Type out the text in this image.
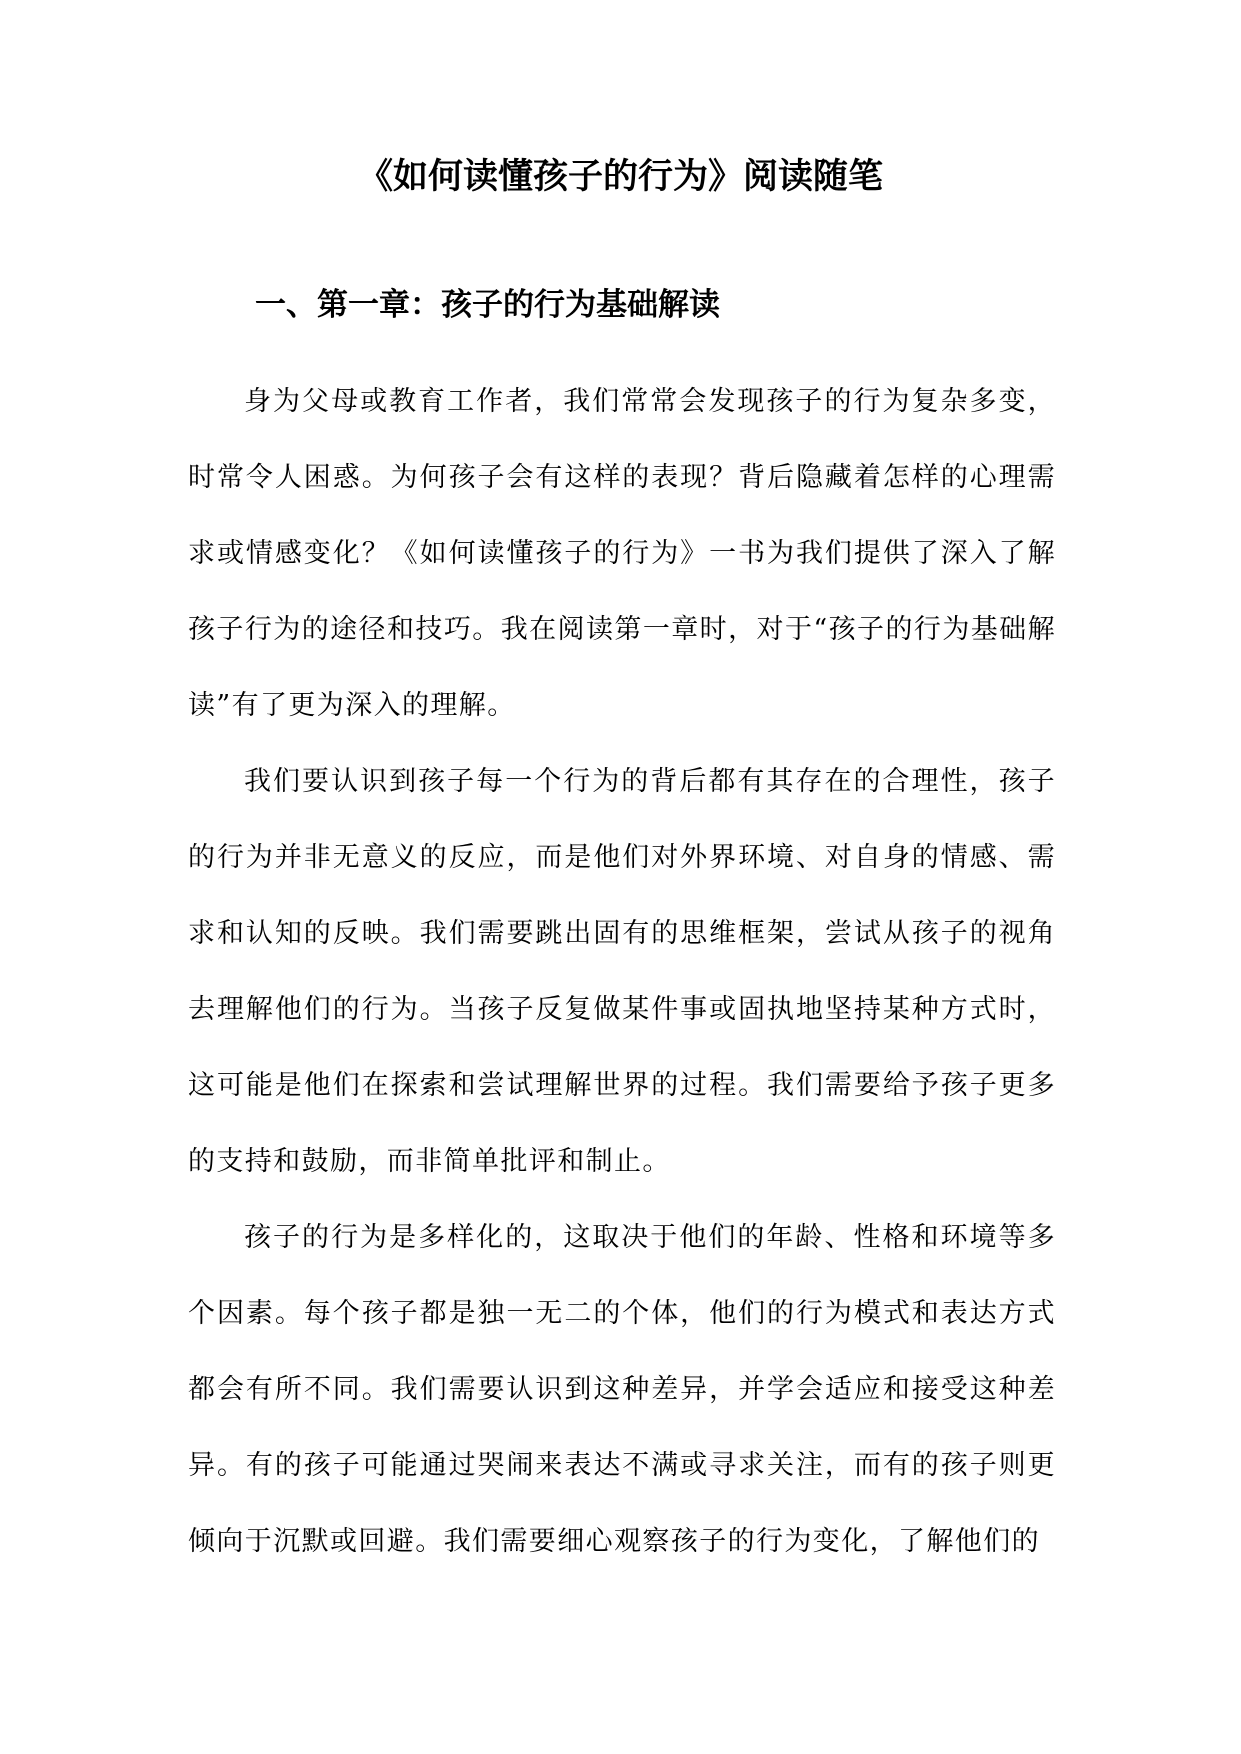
《如何读懂孩子的行为》阅读随笔
一、第一章：孩子的行为基础解读

身为父母或教育工作者，我们常常会发现孩子的行为复杂多变，时常令人困惑。为何孩子会有这样的表现？背后隐藏着怎样的心理需求或情感变化？《如何读懂孩子的行为》一书为我们提供了深入了解孩子行为的途径和技巧。我在阅读第一章时，对于“孩子的行为基础解读”有了更为深入的理解。

我们要认识到孩子每一个行为的背后都有其存在的合理性，孩子的行为并非无意义的反应，而是他们对外界环境、对自身的情感、需求和认知的反映。我们需要跳出固有的思维框架，尝试从孩子的视角去理解他们的行为。当孩子反复做某件事或固执地坚持某种方式时，这可能是他们在探索和尝试理解世界的过程。我们需要给予孩子更多的支持和鼓励，而非简单批评和制止。

孩子的行为是多样化的，这取决于他们的年龄、性格和环境等多个因素。每个孩子都是独一无二的个体，他们的行为模式和表达方式都会有所不同。我们需要认识到这种差异，并学会适应和接受这种差异。有的孩子可能通过哭闹来表达不满或寻求关注，而有的孩子则更倾向于沉默或回避。我们需要细心观察孩子的行为变化，了解他们的
